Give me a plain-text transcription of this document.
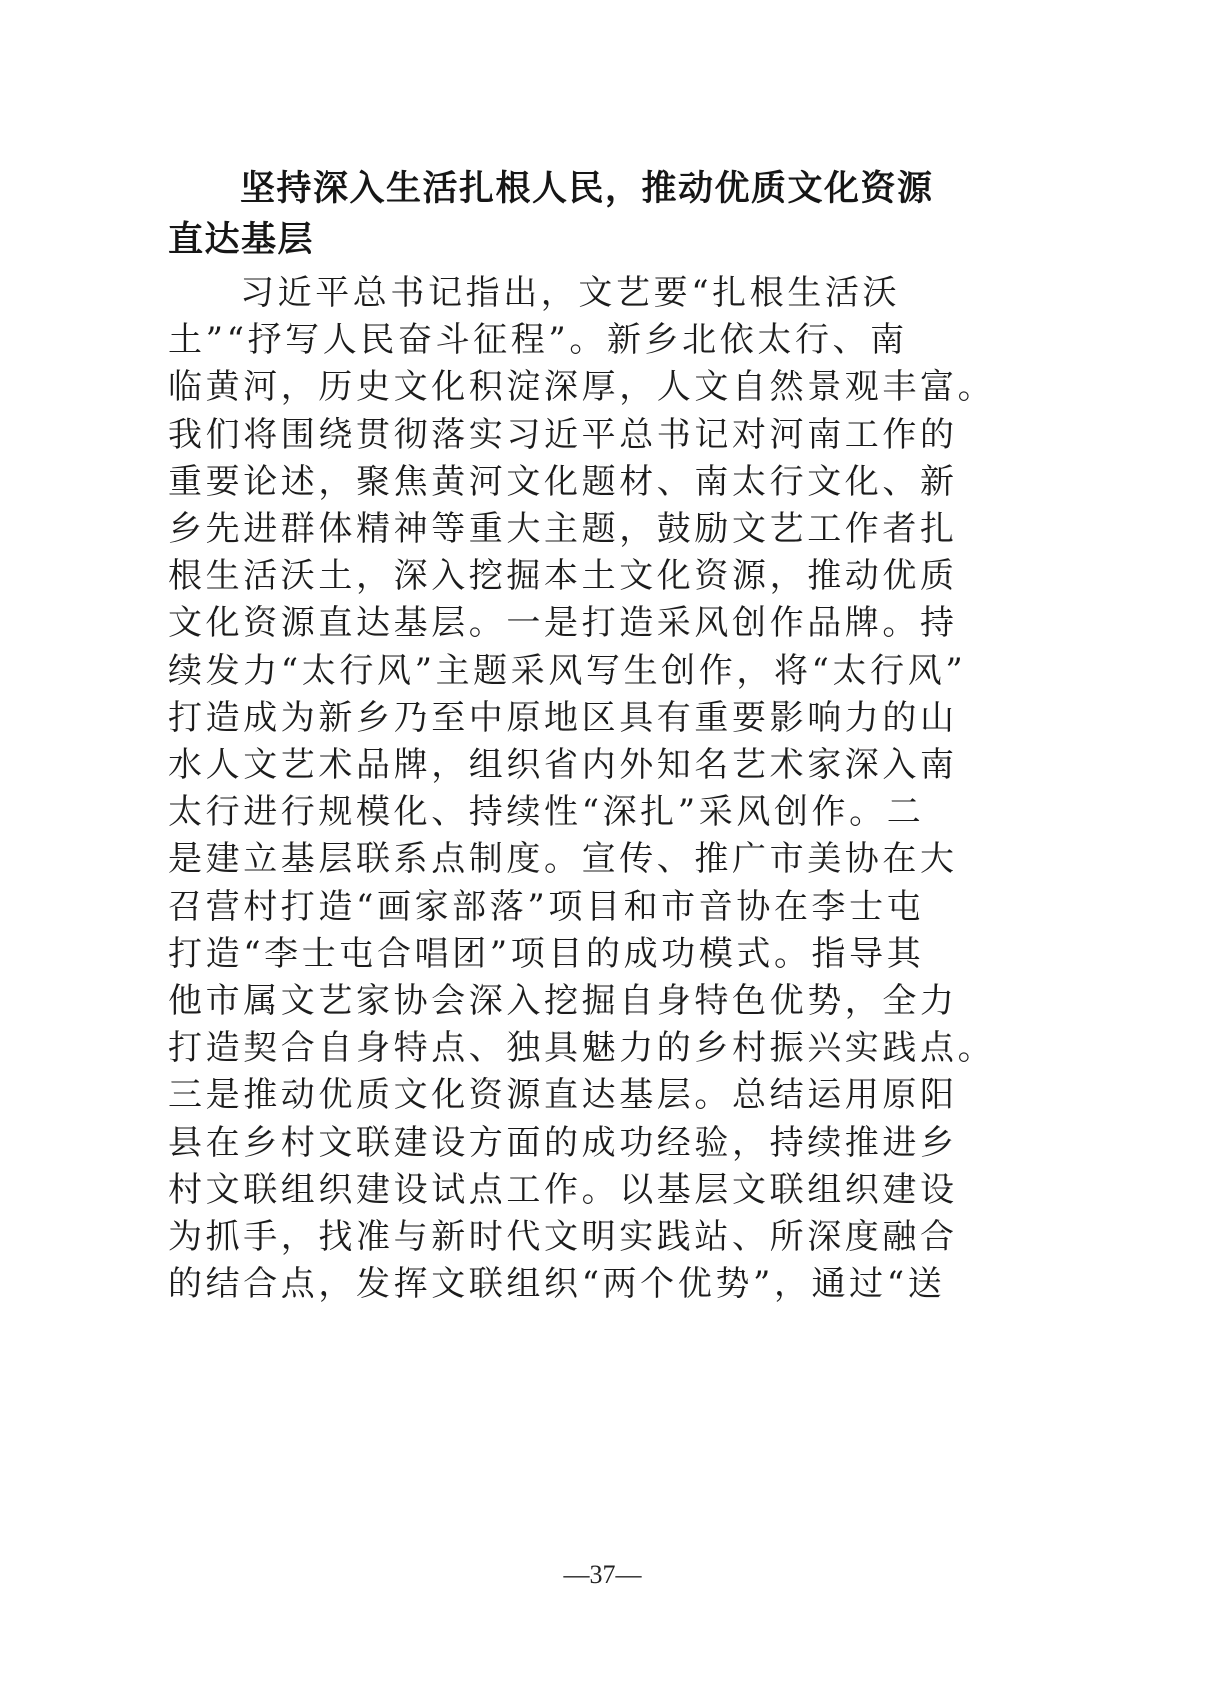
坚持深入生活扎根人民，推动优质文化资源
直达基层
习近平总书记指出，文艺要“扎根生活沃
土”“抒写人民奋斗征程”。新乡北依太行、南
临黄河，历史文化积淀深厚，人文自然景观丰富。
我们将围绕贯彻落实习近平总书记对河南工作的
重要论述，聚焦黄河文化题材、南太行文化、新
乡先进群体精神等重大主题，鼓励文艺工作者扎
根生活沃土，深入挖掘本土文化资源，推动优质
文化资源直达基层。一是打造采风创作品牌。持
续发力“太行风”主题采风写生创作，将“太行风”
打造成为新乡乃至中原地区具有重要影响力的山
水人文艺术品牌，组织省内外知名艺术家深入南
太行进行规模化、持续性“深扎”采风创作。二
是建立基层联系点制度。宣传、推广市美协在大
召营村打造“画家部落”项目和市音协在李士屯
打造“李士屯合唱团”项目的成功模式。指导其
他市属文艺家协会深入挖掘自身特色优势，全力
打造契合自身特点、独具魅力的乡村振兴实践点。
三是推动优质文化资源直达基层。总结运用原阳
县在乡村文联建设方面的成功经验，持续推进乡
村文联组织建设试点工作。以基层文联组织建设
为抓手，找准与新时代文明实践站、所深度融合
的结合点，发挥文联组织“两个优势”，通过“送
—37—
